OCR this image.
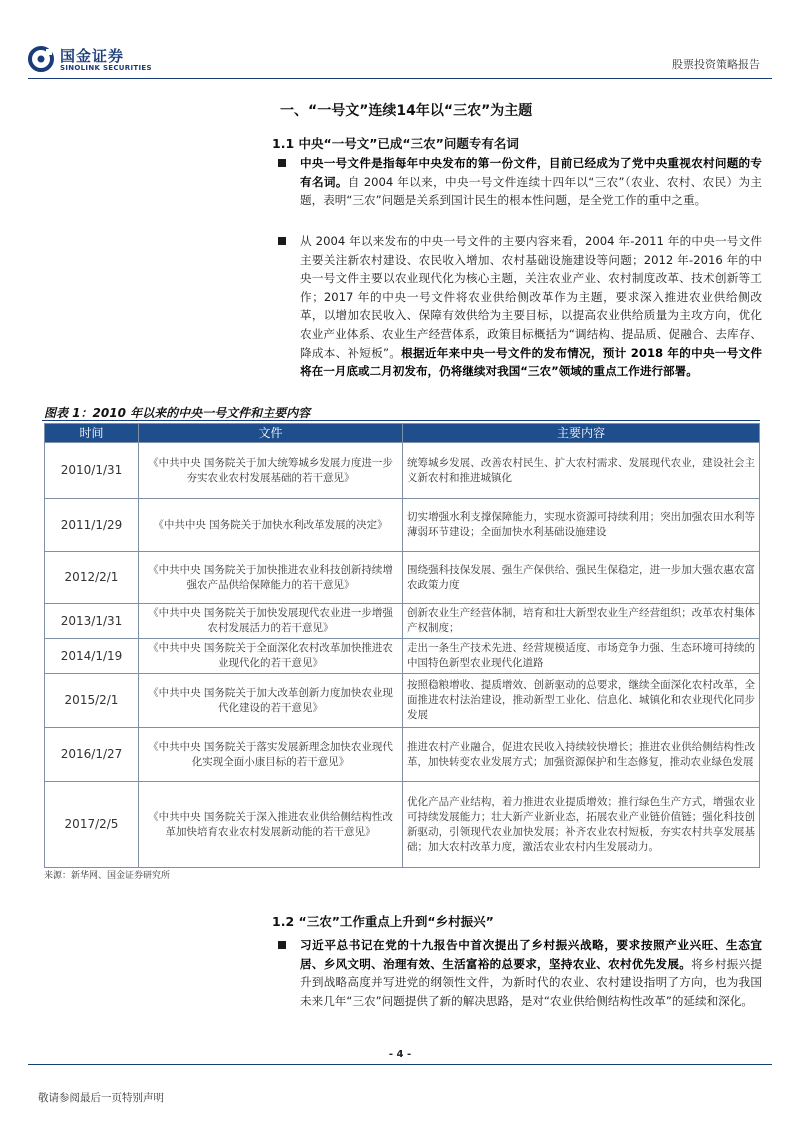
国金证券
SINOLINK SECURITIES	股票投资策略报告
一、“一号文”连续14年以“三农”为主题
1.1 中央“一号文”已成“三农”问题专有名词

中央一号文件是指每年中央发布的第一份文件，目前已经成为了党中央重视农村问题的专有名词。自 2004 年以来，中央一号文件连续十四年以“三农”（农业、农村、农民）为主题，表明“三农”问题是关系到国计民生的根本性问题，是全党工作的重中之重。

从 2004 年以来发布的中央一号文件的主要内容来看，2004 年-2011 年的中央一号文件主要关注新农村建设、农民收入增加、农村基础设施建设等问题；2012 年-2016 年的中央一号文件主要以农业现代化为核心主题，关注农业产业、农村制度改革、技术创新等工作；2017 年的中央一号文件将农业供给侧改革作为主题，要求深入推进农业供给侧改革，以增加农民收入、保障有效供给为主要目标，以提高农业供给质量为主攻方向，优化农业产业体系、农业生产经营体系，政策目标概括为“调结构、提品质、促融合、去库存、降成本、补短板”。根据近年来中央一号文件的发布情况，预计 2018 年的中央一号文件将在一月底或二月初发布，仍将继续对我国“三农”领域的重点工作进行部署。

图表 1：2010 年以来的中央一号文件和主要内容
时间	文件	主要内容
2010/1/31	《中共中央 国务院关于加大统筹城乡发展力度进一步夯实农业农村发展基础的若干意见》	统筹城乡发展、改善农村民生、扩大农村需求、发展现代农业，建设社会主义新农村和推进城镇化
2011/1/29	《中共中央 国务院关于加快水利改革发展的决定》	切实增强水利支撑保障能力，实现水资源可持续利用；突出加强农田水利等薄弱环节建设；全面加快水利基础设施建设
2012/2/1	《中共中央 国务院关于加快推进农业科技创新持续增强农产品供给保障能力的若干意见》	围绕强科技保发展、强生产保供给、强民生保稳定，进一步加大强农惠农富农政策力度
2013/1/31	《中共中央 国务院关于加快发展现代农业进一步增强农村发展活力的若干意见》	创新农业生产经营体制，培育和壮大新型农业生产经营组织；改革农村集体产权制度；
2014/1/19	《中共中央 国务院关于全面深化农村改革加快推进农业现代化的若干意见》	走出一条生产技术先进、经营规模适度、市场竞争力强、生态环境可持续的中国特色新型农业现代化道路
2015/2/1	《中共中央 国务院关于加大改革创新力度加快农业现代化建设的若干意见》	按照稳粮增收、提质增效、创新驱动的总要求，继续全面深化农村改革，全面推进农村法治建设，推动新型工业化、信息化、城镇化和农业现代化同步发展
2016/1/27	《中共中央 国务院关于落实发展新理念加快农业现代化实现全面小康目标的若干意见》	推进农村产业融合，促进农民收入持续较快增长；推进农业供给侧结构性改革，加快转变农业发展方式；加强资源保护和生态修复，推动农业绿色发展
2017/2/5	《中共中央 国务院关于深入推进农业供给侧结构性改革加快培育农业农村发展新动能的若干意见》	优化产品产业结构，着力推进农业提质增效；推行绿色生产方式，增强农业可持续发展能力；壮大新产业新业态，拓展农业产业链价值链；强化科技创新驱动，引领现代农业加快发展；补齐农业农村短板，夯实农村共享发展基础；加大农村改革力度，激活农业农村内生发展动力。
来源：新华网、国金证券研究所
1.2 “三农”工作重点上升到“乡村振兴”

习近平总书记在党的十九报告中首次提出了乡村振兴战略，要求按照产业兴旺、生态宜居、乡风文明、治理有效、生活富裕的总要求，坚持农业、农村优先发展。将乡村振兴提升到战略高度并写进党的纲领性文件，为新时代的农业、农村建设指明了方向，也为我国未来几年“三农”问题提供了新的解决思路，是对“农业供给侧结构性改革”的延续和深化。

- 4 -
敬请参阅最后一页特别声明
